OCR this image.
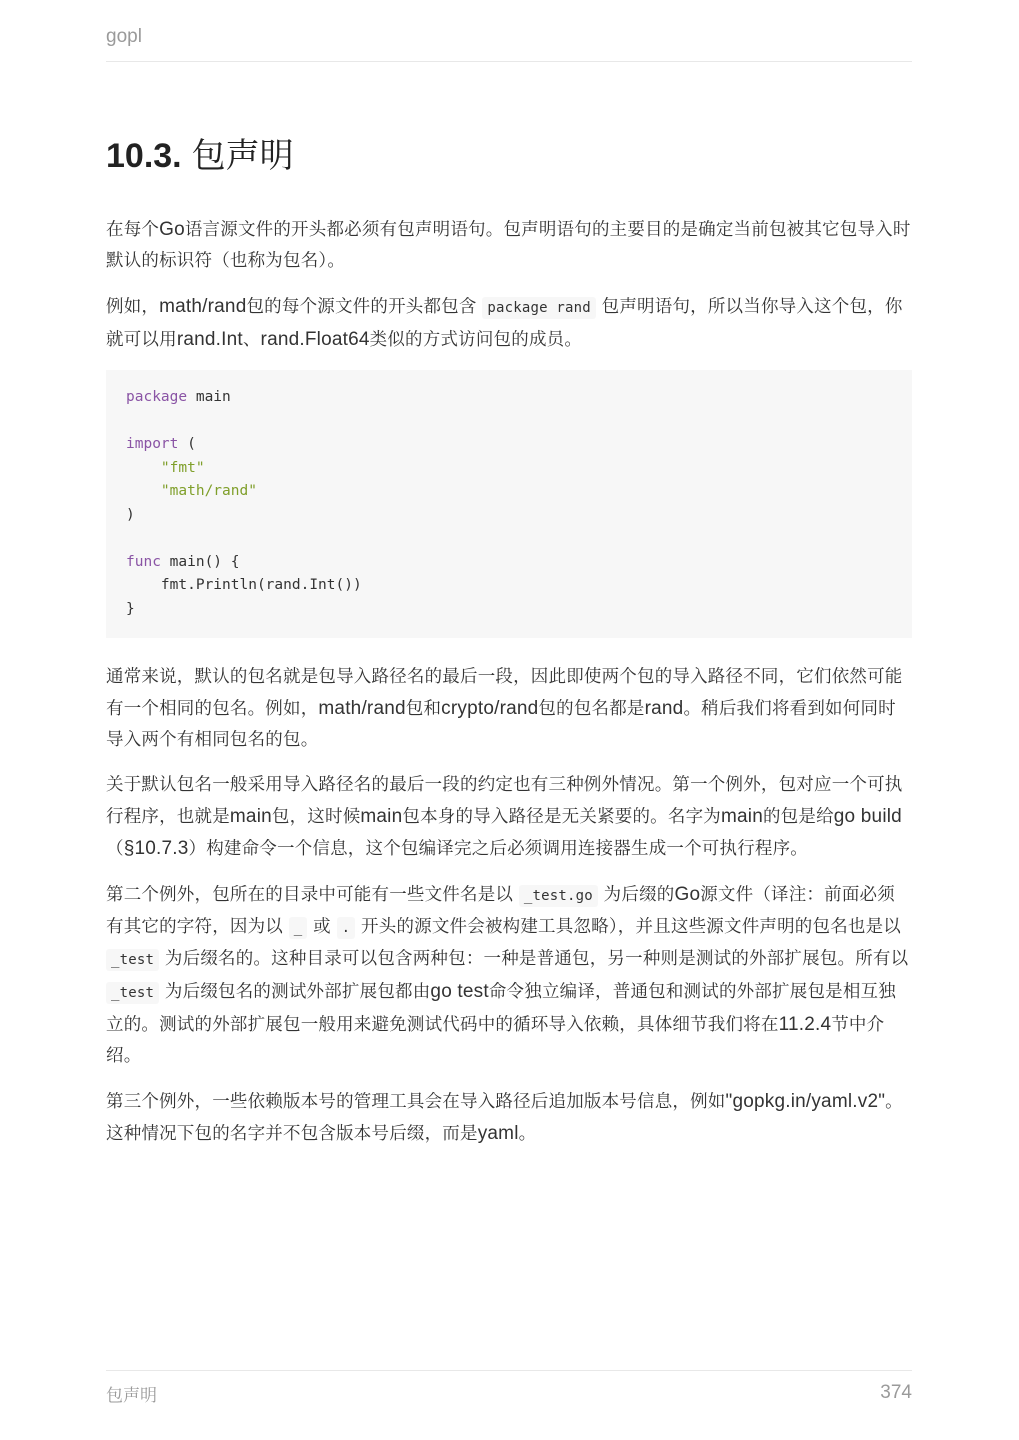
gopl
10.3. 包声明

在每个Go语言源文件的开头都必须有包声明语句。包声明语句的主要目的是确定当前包被其它包导入时默认的标识符（也称为包名）。

例如，math/rand包的每个源文件的开头都包含 package rand 包声明语句，所以当你导入这个包，你就可以用rand.Int、rand.Float64类似的方式访问包的成员。

package main
import (
"fmt"
"math/rand"
)
func main() {
fmt.Println(rand.Int())
}

通常来说，默认的包名就是包导入路径名的最后一段，因此即使两个包的导入路径不同，它们依然可能有一个相同的包名。例如，math/rand包和crypto/rand包的包名都是rand。稍后我们将看到如何同时导入两个有相同包名的包。

关于默认包名一般采用导入路径名的最后一段的约定也有三种例外情况。第一个例外，包对应一个可执行程序，也就是main包，这时候main包本身的导入路径是无关紧要的。名字为main的包是给go build（§10.7.3）构建命令一个信息，这个包编译完之后必须调用连接器生成一个可执行程序。

第二个例外，包所在的目录中可能有一些文件名是以 _test.go 为后缀的Go源文件（译注：前面必须有其它的字符，因为以 _ 或 . 开头的源文件会被构建工具忽略），并且这些源文件声明的包名也是以 _test 为后缀名的。这种目录可以包含两种包：一种是普通包，另一种则是测试的外部扩展包。所有以 _test 为后缀包名的测试外部扩展包都由go test命令独立编译，普通包和测试的外部扩展包是相互独立的。测试的外部扩展包一般用来避免测试代码中的循环导入依赖，具体细节我们将在11.2.4节中介绍。

第三个例外，一些依赖版本号的管理工具会在导入路径后追加版本号信息，例如"gopkg.in/yaml.v2"。这种情况下包的名字并不包含版本号后缀，而是yaml。

包声明	374
